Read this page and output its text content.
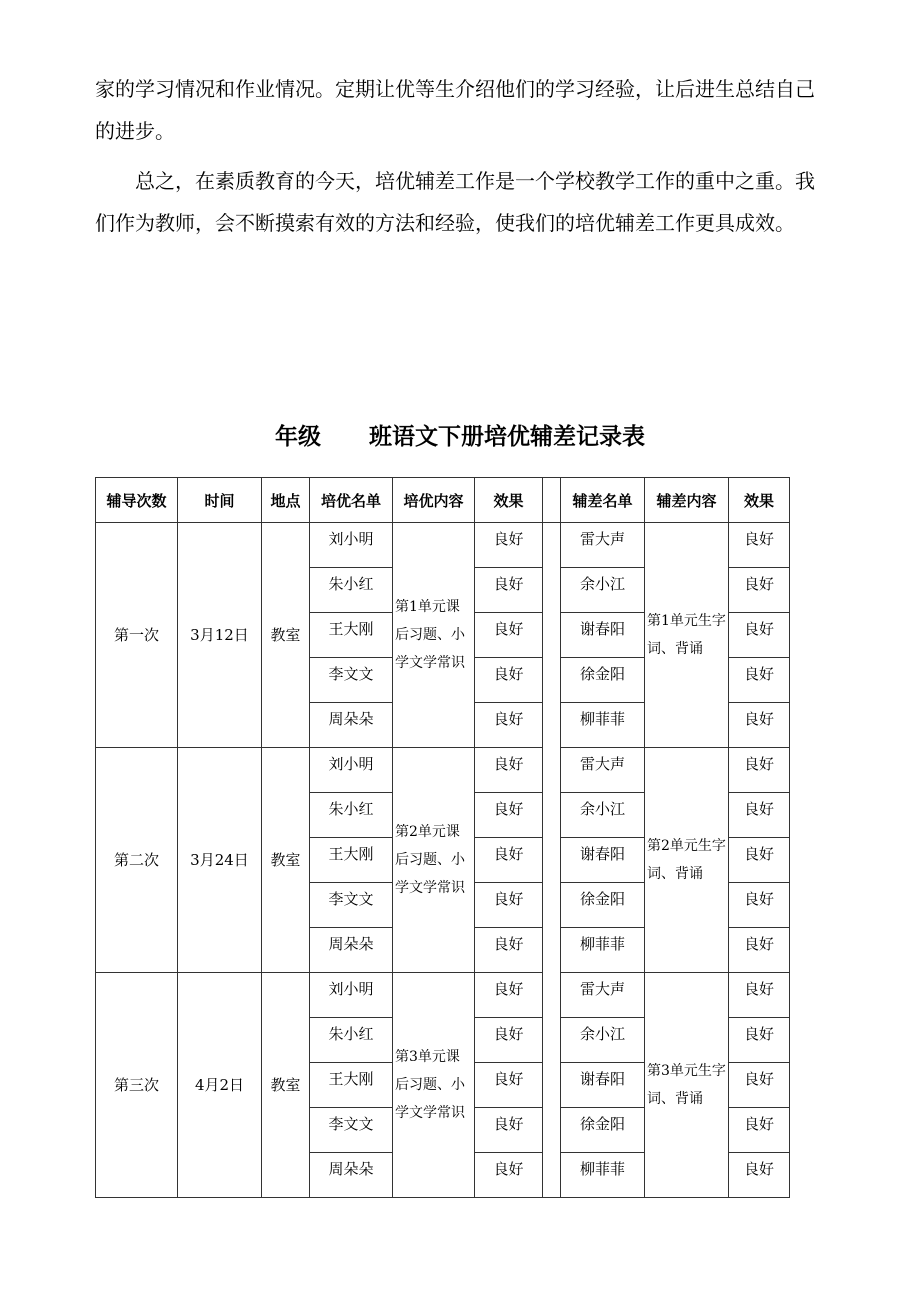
家的学习情况和作业情况。定期让优等生介绍他们的学习经验，让后进生总结自己的进步。

总之，在素质教育的今天，培优辅差工作是一个学校教学工作的重中之重。我们作为教师，会不断摸索有效的方法和经验，使我们的培优辅差工作更具成效。

年级      班语文下册培优辅差记录表
辅导次数	时间	地点	培优名单	培优内容	效果		辅差名单	辅差内容	效果
第一次	3月12日	教室	刘小明	第1单元课后习题、小学文学常识	良好		雷大声	第1单元生字词、背诵	良好
			朱小红		良好		余小江		良好
			王大刚		良好		谢春阳		良好
			李文文		良好		徐金阳		良好
			周朵朵		良好		柳菲菲		良好
第二次	3月24日	教室	刘小明	第2单元课后习题、小学文学常识	良好		雷大声	第2单元生字词、背诵	良好
			朱小红		良好		余小江		良好
			王大刚		良好		谢春阳		良好
			李文文		良好		徐金阳		良好
			周朵朵		良好		柳菲菲		良好
第三次	4月2日	教室	刘小明	第3单元课后习题、小学文学常识	良好		雷大声	第3单元生字词、背诵	良好
			朱小红		良好		余小江		良好
			王大刚		良好		谢春阳		良好
			李文文		良好		徐金阳		良好
			周朵朵		良好		柳菲菲		良好
